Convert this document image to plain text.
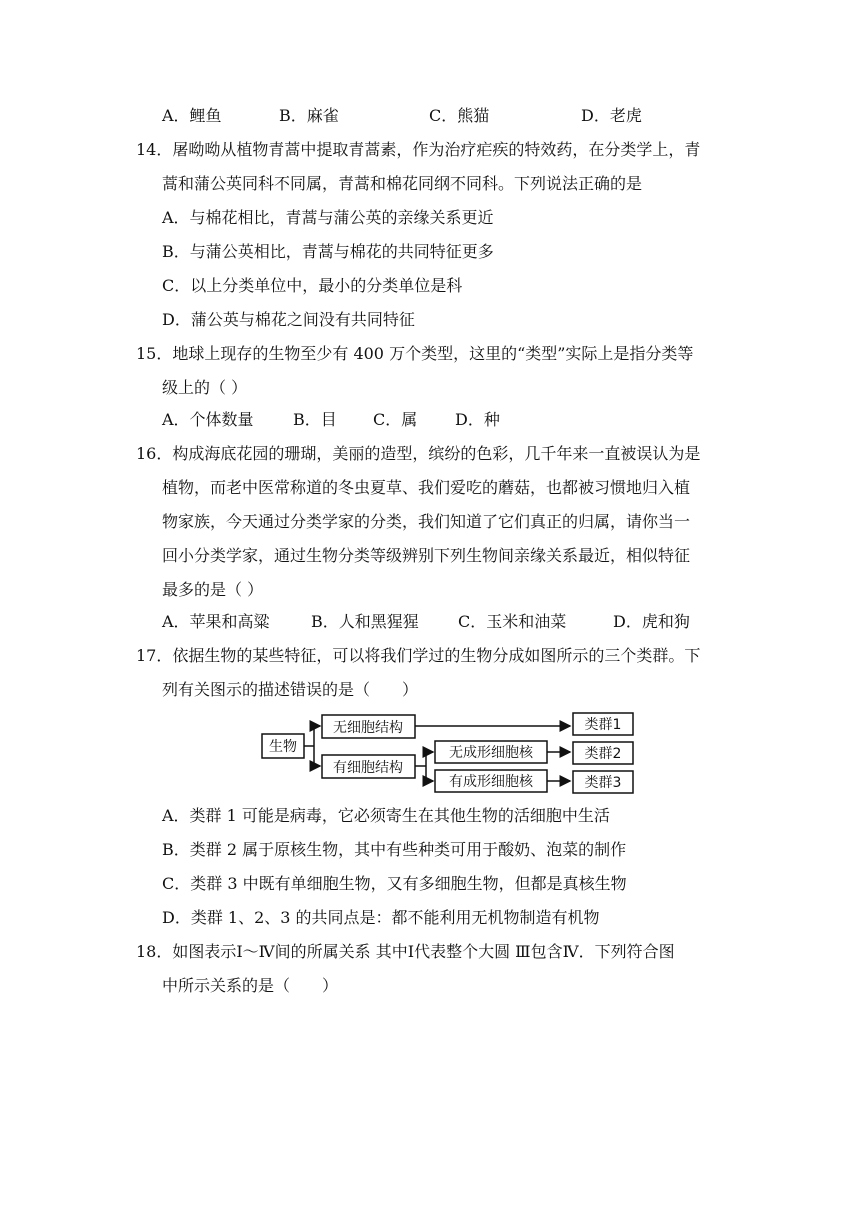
A．鲤鱼	B．麻雀	C．熊猫	D．老虎
14．屠呦呦从植物青蒿中提取青蒿素，作为治疗疟疾的特效药，在分类学上，青
蒿和蒲公英同科不同属，青蒿和棉花同纲不同科。下列说法正确的是
A．与棉花相比，青蒿与蒲公英的亲缘关系更近
B．与蒲公英相比，青蒿与棉花的共同特征更多
C．以上分类单位中，最小的分类单位是科
D．蒲公英与棉花之间没有共同特征
15．地球上现存的生物至少有 400 万个类型，这里的“类型”实际上是指分类等
级上的（ ）
A．个体数量 B．目 C．属 D．种
16．构成海底花园的珊瑚，美丽的造型，缤纷的色彩，几千年来一直被误认为是
植物，而老中医常称道的冬虫夏草、我们爱吃的蘑菇，也都被习惯地归入植
物家族，今天通过分类学家的分类，我们知道了它们真正的归属，请你当一
回小分类学家，通过生物分类等级辨别下列生物间亲缘关系最近，相似特征
最多的是（ ）
A．苹果和高粱	B．人和黑猩猩 C．玉米和油菜	D．虎和狗
17．依据生物的某些特征，可以将我们学过的生物分成如图所示的三个类群。下
列有关图示的描述错误的是（　　）
生物
无细胞结构
有细胞结构
无成形细胞核
有成形细胞核
类群1
类群2
类群3
A．类群 1 可能是病毒，它必须寄生在其他生物的活细胞中生活
B．类群 2 属于原核生物，其中有些种类可用于酸奶、泡菜的制作
C．类群 3 中既有单细胞生物，又有多细胞生物，但都是真核生物
D．类群 1、2、3 的共同点是：都不能利用无机物制造有机物
18．如图表示Ⅰ～Ⅳ间的所属关系 其中Ⅰ代表整个大圆 Ⅲ包含Ⅳ．下列符合图
中所示关系的是（　　）
